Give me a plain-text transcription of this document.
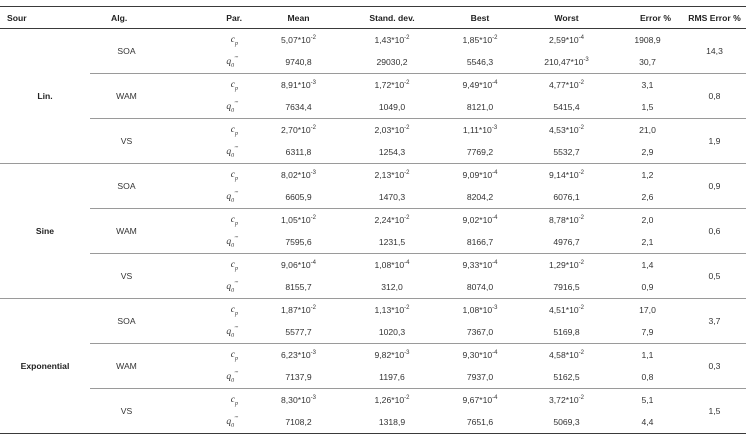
Sour	Alg.	Par.	Mean	Stand. dev.	Best	Worst	Error %	RMS Error %
Lin.	SOA	$c_p$	$5,07*10^{-2}$	$1,43*10^{-2}$	$1,85*10^{-2}$	$2,59*10^{-4}$	1908,9	14,3
		$q_0'''$	9740,8	29030,2	5546,3	$210,47*10^{-3}$	30,7	
	WAM	$c_p$	$8,91*10^{-3}$	$1,72*10^{-2}$	$9,49*10^{-4}$	$4,77*10^{-2}$	3,1	0,8
		$q_0'''$	7634,4	1049,0	8121,0	5415,4	1,5	
	VS	$c_p$	$2,70*10^{-2}$	$2,03*10^{-2}$	$1,11*10^{-3}$	$4,53*10^{-2}$	21,0	1,9
		$q_0'''$	6311,8	1254,3	7769,2	5532,7	2,9	
Sine	SOA	$c_p$	$8,02*10^{-3}$	$2,13*10^{-2}$	$9,09*10^{-4}$	$9,14*10^{-2}$	1,2	0,9
		$q_0'''$	6605,9	1470,3	8204,2	6076,1	2,6	
	WAM	$c_p$	$1,05*10^{-2}$	$2,24*10^{-2}$	$9,02*10^{-4}$	$8,78*10^{-2}$	2,0	0,6
		$q_0'''$	7595,6	1231,5	8166,7	4976,7	2,1	
	VS	$c_p$	$9,06*10^{-4}$	$1,08*10^{-4}$	$9,33*10^{-4}$	$1,29*10^{-2}$	1,4	0,5
		$q_0'''$	8155,7	312,0	8074,0	7916,5	0,9	
Exponential	SOA	$c_p$	$1,87*10^{-2}$	$1,13*10^{-2}$	$1,08*10^{-3}$	$4,51*10^{-2}$	17,0	3,7
		$q_0'''$	5577,7	1020,3	7367,0	5169,8	7,9	
	WAM	$c_p$	$6,23*10^{-3}$	$9,82*10^{-3}$	$9,30*10^{-4}$	$4,58*10^{-2}$	1,1	0,3
		$q_0'''$	7137,9	1197,6	7937,0	5162,5	0,8	
	VS	$c_p$	$8,30*10^{-3}$	$1,26*10^{-2}$	$9,67*10^{-4}$	$3,72*10^{-2}$	5,1	1,5
		$q_0'''$	7108,2	1318,9	7651,6	5069,3	4,4	
